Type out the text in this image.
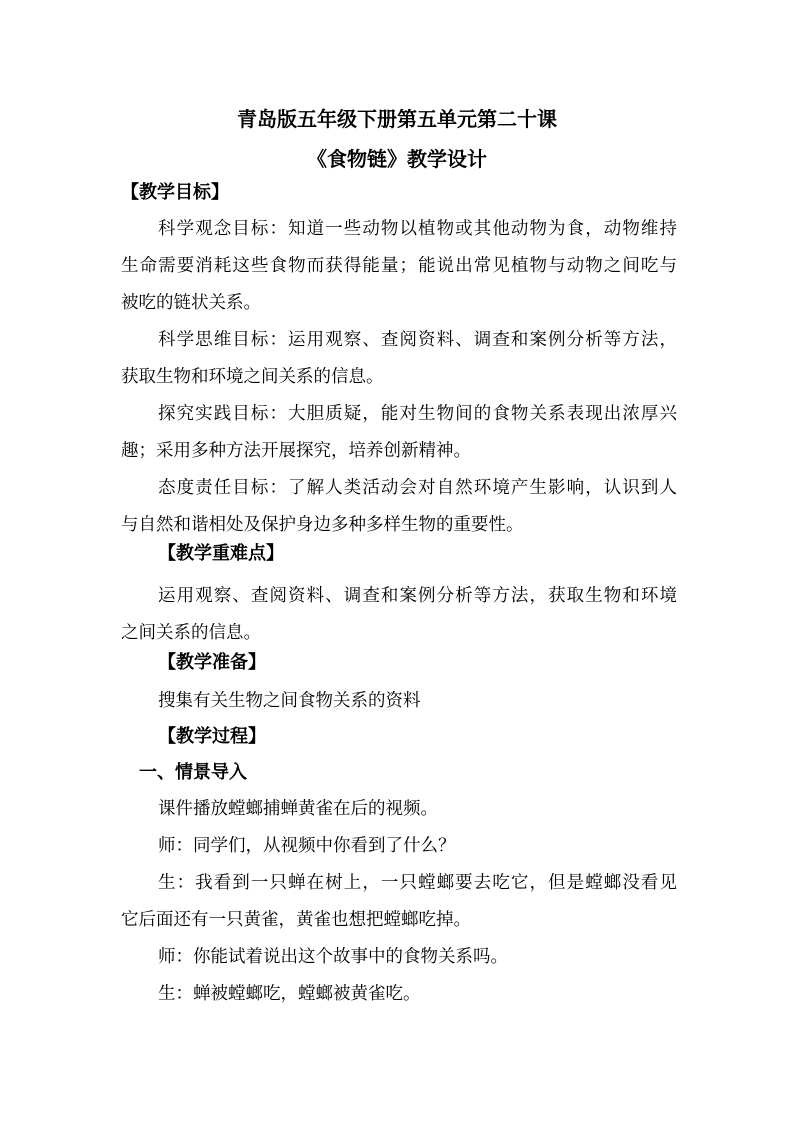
青岛版五年级下册第五单元第二十课
《食物链》教学设计
【教学目标】
科学观念目标：知道一些动物以植物或其他动物为食，动物维持
生命需要消耗这些食物而获得能量；能说出常见植物与动物之间吃与
被吃的链状关系。
科学思维目标：运用观察、查阅资料、调查和案例分析等方法，
获取生物和环境之间关系的信息。
探究实践目标：大胆质疑，能对生物间的食物关系表现出浓厚兴
趣；采用多种方法开展探究，培养创新精神。
态度责任目标：了解人类活动会对自然环境产生影响，认识到人
与自然和谐相处及保护身边多种多样生物的重要性。
【教学重难点】
运用观察、查阅资料、调查和案例分析等方法，获取生物和环境
之间关系的信息。
【教学准备】
搜集有关生物之间食物关系的资料
【教学过程】
一、情景导入
课件播放螳螂捕蝉黄雀在后的视频。
师：同学们，从视频中你看到了什么？
生：我看到一只蝉在树上，一只螳螂要去吃它，但是螳螂没看见
它后面还有一只黄雀，黄雀也想把螳螂吃掉。
师：你能试着说出这个故事中的食物关系吗。
生：蝉被螳螂吃，螳螂被黄雀吃。
